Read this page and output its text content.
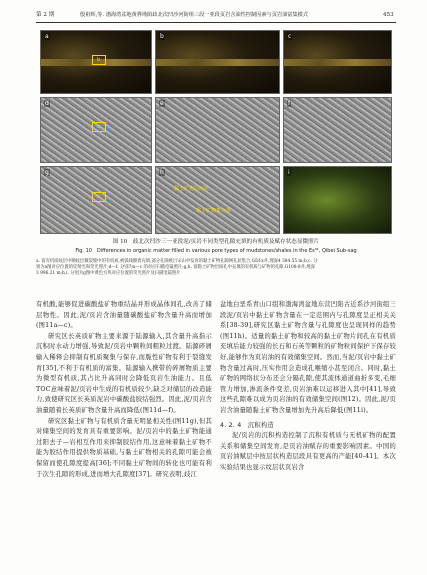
第 2 期	殷祖辉,等. 渤海湾盆地黄骅坳陷歧北次凹沙河街组三段一亚段页岩含油性控制因素与页岩油富集模式	453
a
b
b	c
d
e
e	f
g
h
h
黏土矿物层间孔
黏土矿物集合体
i
图 10　歧北次凹沙三一亚段泥/页岩不同类型孔隙充填的有机质及赋存状态显微照片
Fig. 10　Differences in organic matter filled in various pore types of mudstones/shales in the Es³¹, Qibei Sub-sag
a. 富有机质纹层中顺纹层微裂缝中的有机质,被弧线圈着充填,部分孔隙被吕宋山中发育的黏土矿物孔隙网孔状集合,GD1x井,埋深4 384.55 m;b,c. 分
别为a图对应位置的反射光和荧光照片;d—f. 分别为a—c 的对应扫描电镜照片;g,h. 富黏土矿物层间孔中充填的有机质与矿物的孔隙,G108-8井,埋深
3 996.21 m;h,i. 分别为g图中黄色方块对应位置的荧光照片及扫描电镜照片

有机酸,能够促进碳酸盐矿物重结晶并形成晶体间孔,改善了储层物性。因此,泥/页岩含油量随碳酸盐矿物含量升高而增加(图11a—c)。

研究区长英质矿物主要来源于陆源输入,其含量升高指示沉积时水动力增强,导致泥/页岩中颗粒间粗粒过渡。陆源碎屑输入稀释会抑制有机质聚集与保存,而脆性矿物有利于裂缝发育[35],不利于有机质的富集。陆源输入携带的碎屑物质主要为微型有机质,其占比升高同时会降低页岩生油能力。且低TOC意味着泥/页岩中生成的有机质较少,缺乏对储层的改造能力,致使研究区长英质泥岩中碳酸盐胶结强烈。因此,泥/页岩含油量随着长英质矿物含量升高而降低(图11d—f)。

研究区黏土矿物与有机质含量无明显相关性(图11g),但其对储集空间的发育具有重要影响。泥/页岩中的黏土矿物能通过阳去子—岩相互作用来抑制胶结作用,这意味着黏土矿物不能为胶结作用提供物质基础,与黏土矿物相关的孔隙可能会被保留而使孔隙度提高[36];不同黏土矿物间的转化也可能有利于次生孔隙的形成,进而增大孔隙度[37]。研究表明,歧江

盆地白垩系青山口组和渤海湾盆地东营凹陷古近系沙河街组三段泥/页岩中黏土矿物含量在一定范围内与孔隙度呈正相关关系[38-39],研究区黏土矿物含量与孔隙度也呈现同样的趋势(图11h)。适量的黏土矿物和较高的黏土矿物片间孔在有机质充填后能力较强的长石和石英等颗粒的矿物粒间保护下保存较好,能够作为页岩油的有效储集空间。然而,当泥/页岩中黏土矿物含量过高时,压实作用会造成孔喉缩小甚至闭合。同时,黏土矿物的网络状分布还会分隔孔隙,使其流体通道曲折多变,毛细管力增加,渗流条件变差,页岩油难以运移进入其中[41],导致这些孔隙难以成为页岩油的有效储集空间(图12)。因此,泥/页岩含油量随黏土矿物含量增加先升高后降低(图11i)。

4. 2. 4　沉积构造

泥/页岩的沉积构造控制了沉积有机质与无机矿物的配置关系和储集空间发育,是页岩油赋存的重要影响因素。中国的页岩油赋层中按层状构造层段具有更高的产能[40-41]。本次实验结果也显示纹层状页岩含
